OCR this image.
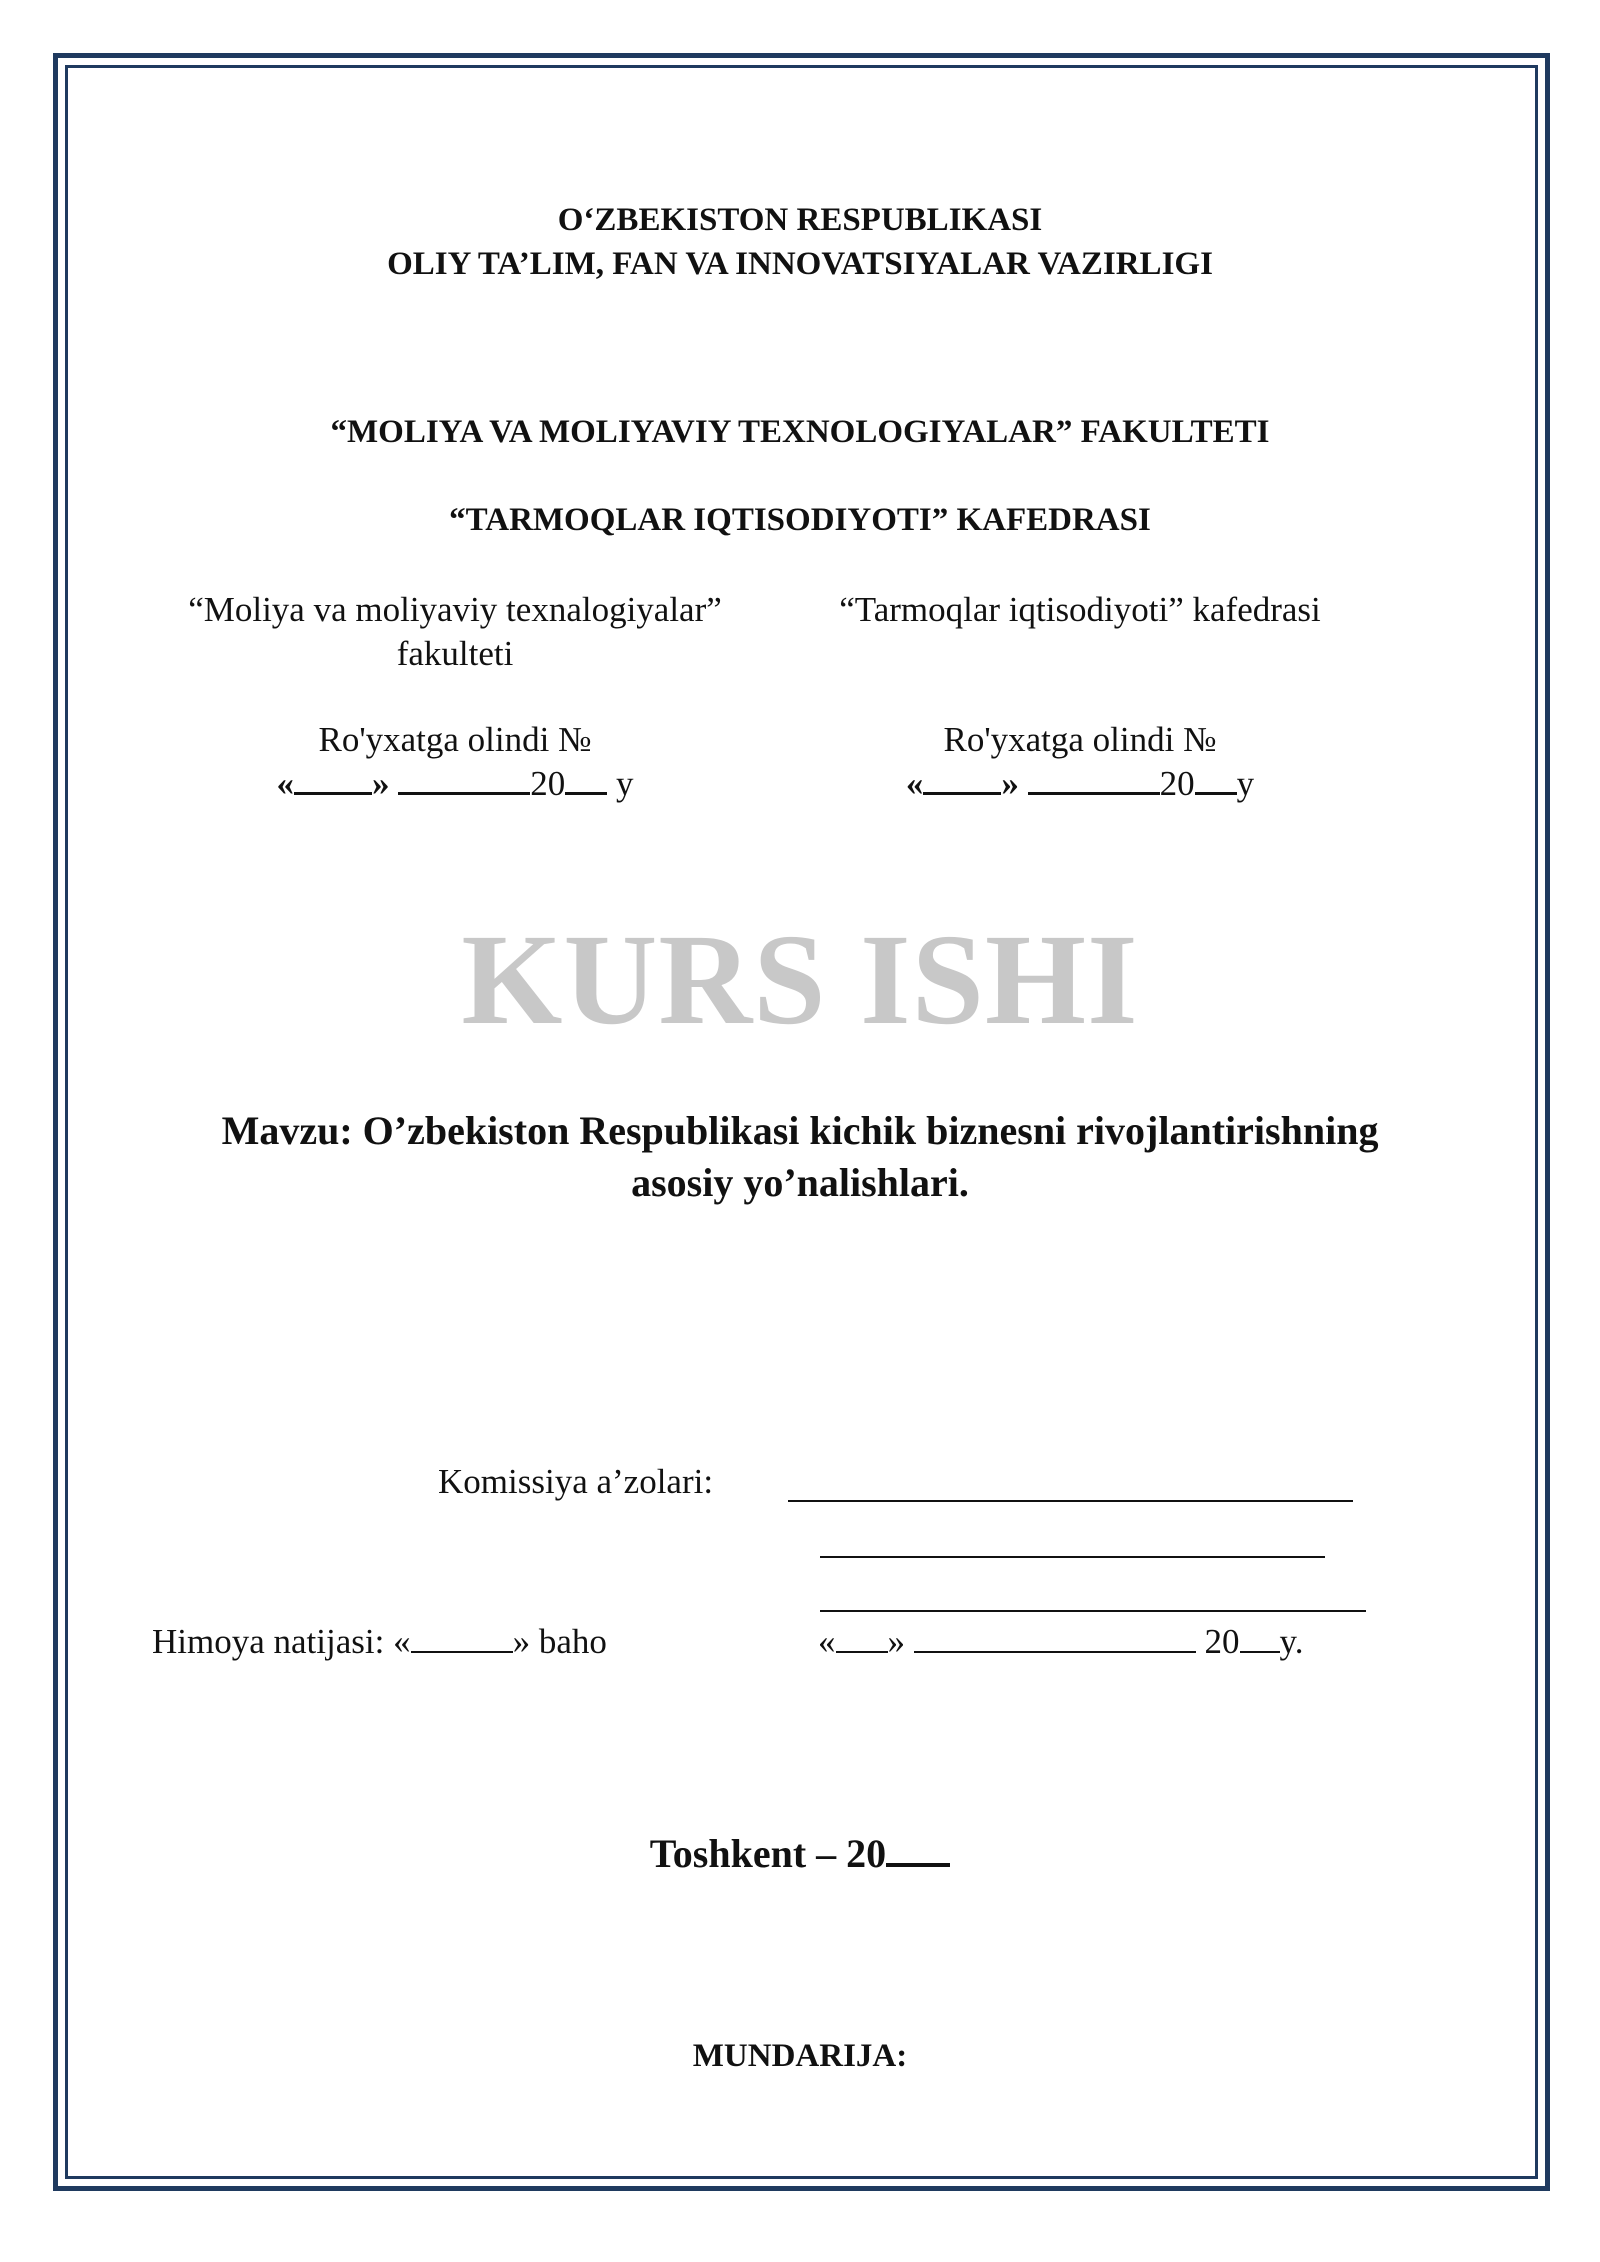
O‘ZBEKISTON RESPUBLIKASI
OLIY TA’LIM, FAN VA INNOVATSIYALAR VAZIRLIGI
“MOLIYA VA MOLIYAVIY TEXNOLOGIYALAR” FAKULTETI
“TARMOQLAR IQTISODIYOTI” KAFEDRASI
“Moliya va moliyaviy texnalogiyalar”
fakulteti
“Tarmoqlar iqtisodiyoti” kafedrasi
Ro'yxatga olindi №
« »	20 y
Ro'yxatga olindi №
« »	20 y
KURS ISHI
Mavzu: O’zbekiston Respublikasi kichik biznesni rivojlantirishning
asosiy yo’nalishlari.
Komissiya a’zolari:
Himoya natijasi: «	» baho	« »	20 y.
Toshkent – 20
MUNDARIJA:
